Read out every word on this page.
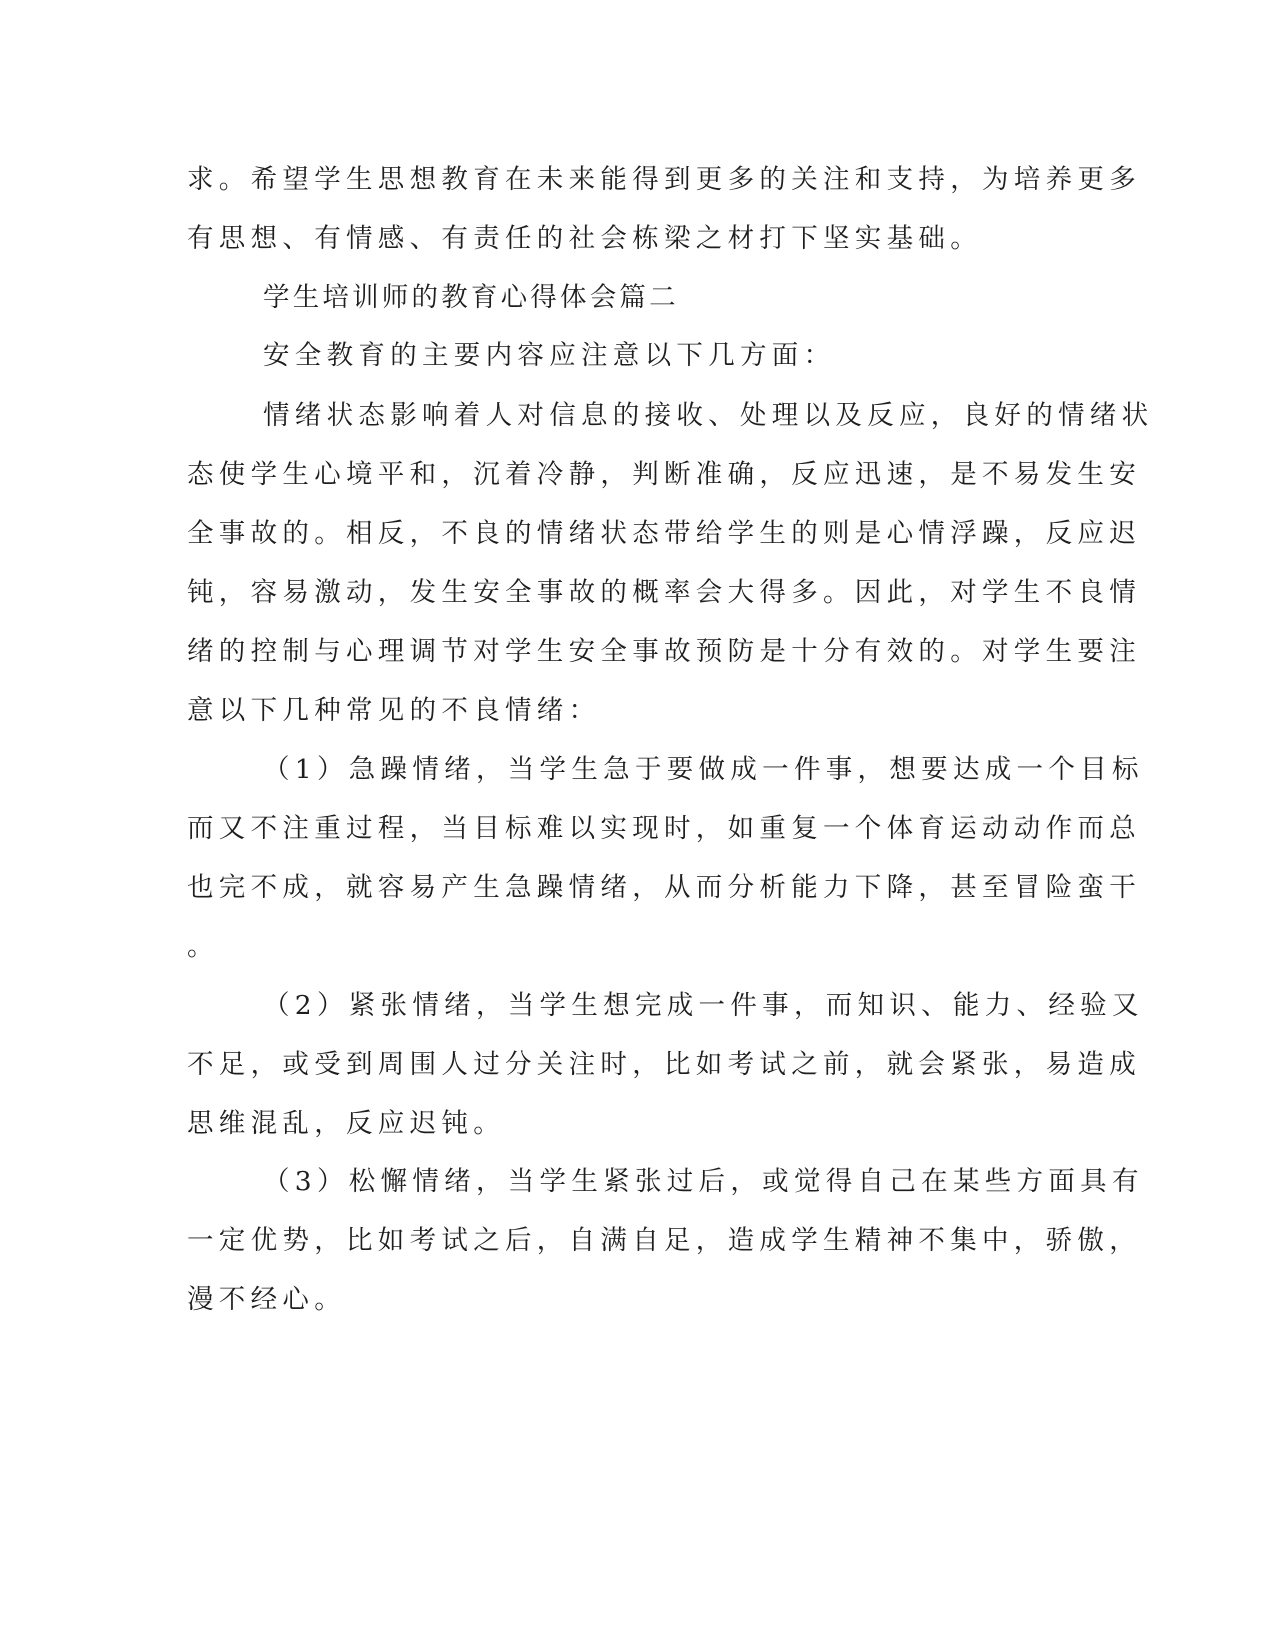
求。希望学生思想教育在未来能得到更多的关注和支持，为培养更多
有思想、有情感、有责任的社会栋梁之材打下坚实基础。
学生培训师的教育心得体会篇二
安全教育的主要内容应注意以下几方面：
情绪状态影响着人对信息的接收、处理以及反应，良好的情绪状
态使学生心境平和，沉着冷静，判断准确，反应迅速，是不易发生安
全事故的。相反，不良的情绪状态带给学生的则是心情浮躁，反应迟
钝，容易激动，发生安全事故的概率会大得多。因此，对学生不良情
绪的控制与心理调节对学生安全事故预防是十分有效的。对学生要注
意以下几种常见的不良情绪：
（1）急躁情绪，当学生急于要做成一件事，想要达成一个目标
而又不注重过程，当目标难以实现时，如重复一个体育运动动作而总
也完不成，就容易产生急躁情绪，从而分析能力下降，甚至冒险蛮干
。
（2）紧张情绪，当学生想完成一件事，而知识、能力、经验又
不足，或受到周围人过分关注时，比如考试之前，就会紧张，易造成
思维混乱，反应迟钝。
（3）松懈情绪，当学生紧张过后，或觉得自己在某些方面具有
一定优势，比如考试之后，自满自足，造成学生精神不集中，骄傲，
漫不经心。
